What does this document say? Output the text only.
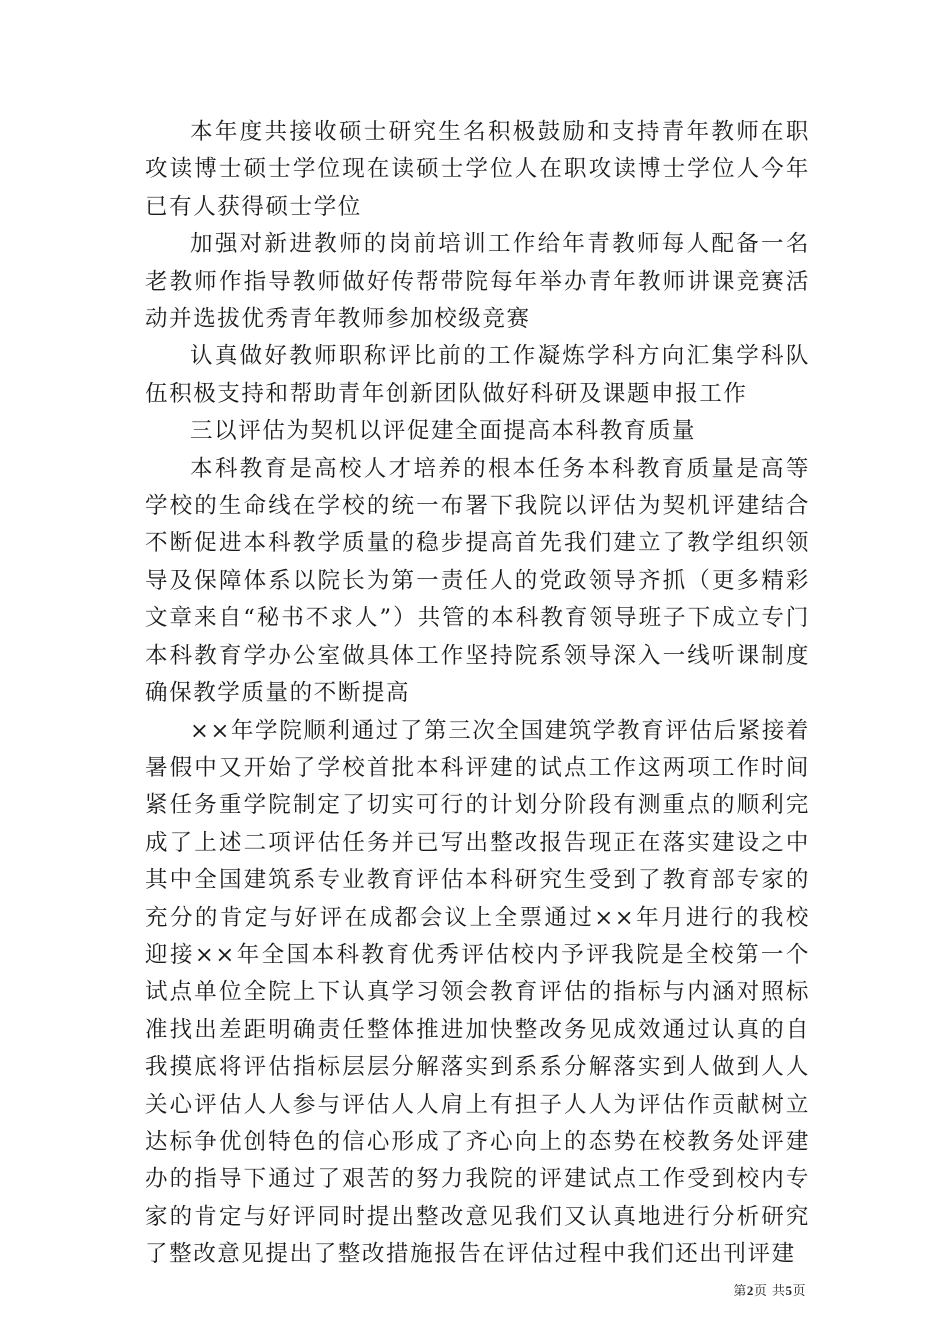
本年度共接收硕士研究生名积极鼓励和支持青年教师在职攻读博士硕士学位现在读硕士学位人在职攻读博士学位人今年已有人获得硕士学位

加强对新进教师的岗前培训工作给年青教师每人配备一名老教师作指导教师做好传帮带院每年举办青年教师讲课竞赛活动并选拔优秀青年教师参加校级竞赛

认真做好教师职称评比前的工作凝炼学科方向汇集学科队伍积极支持和帮助青年创新团队做好科研及课题申报工作

三以评估为契机以评促建全面提高本科教育质量

本科教育是高校人才培养的根本任务本科教育质量是高等学校的生命线在学校的统一布署下我院以评估为契机评建结合不断促进本科教学质量的稳步提高首先我们建立了教学组织领导及保障体系以院长为第一责任人的党政领导齐抓（更多精彩文章来自“秘书不求人”）共管的本科教育领导班子下成立专门本科教育学办公室做具体工作坚持院系领导深入一线听课制度确保教学质量的不断提高

××年学院顺利通过了第三次全国建筑学教育评估后紧接着暑假中又开始了学校首批本科评建的试点工作这两项工作时间紧任务重学院制定了切实可行的计划分阶段有测重点的顺利完成了上述二项评估任务并已写出整改报告现正在落实建设之中其中全国建筑系专业教育评估本科研究生受到了教育部专家的充分的肯定与好评在成都会议上全票通过××年月进行的我校迎接××年全国本科教育优秀评估校内予评我院是全校第一个试点单位全院上下认真学习领会教育评估的指标与内涵对照标准找出差距明确责任整体推进加快整改务见成效通过认真的自我摸底将评估指标层层分解落实到系系分解落实到人做到人人关心评估人人参与评估人人肩上有担子人人为评估作贡献树立达标争优创特色的信心形成了齐心向上的态势在校教务处评建办的指导下通过了艰苦的努力我院的评建试点工作受到校内专家的肯定与好评同时提出整改意见我们又认真地进行分析研究了整改意见提出了整改措施报告在评估过程中我们还出刊评建

第2页 共5页
